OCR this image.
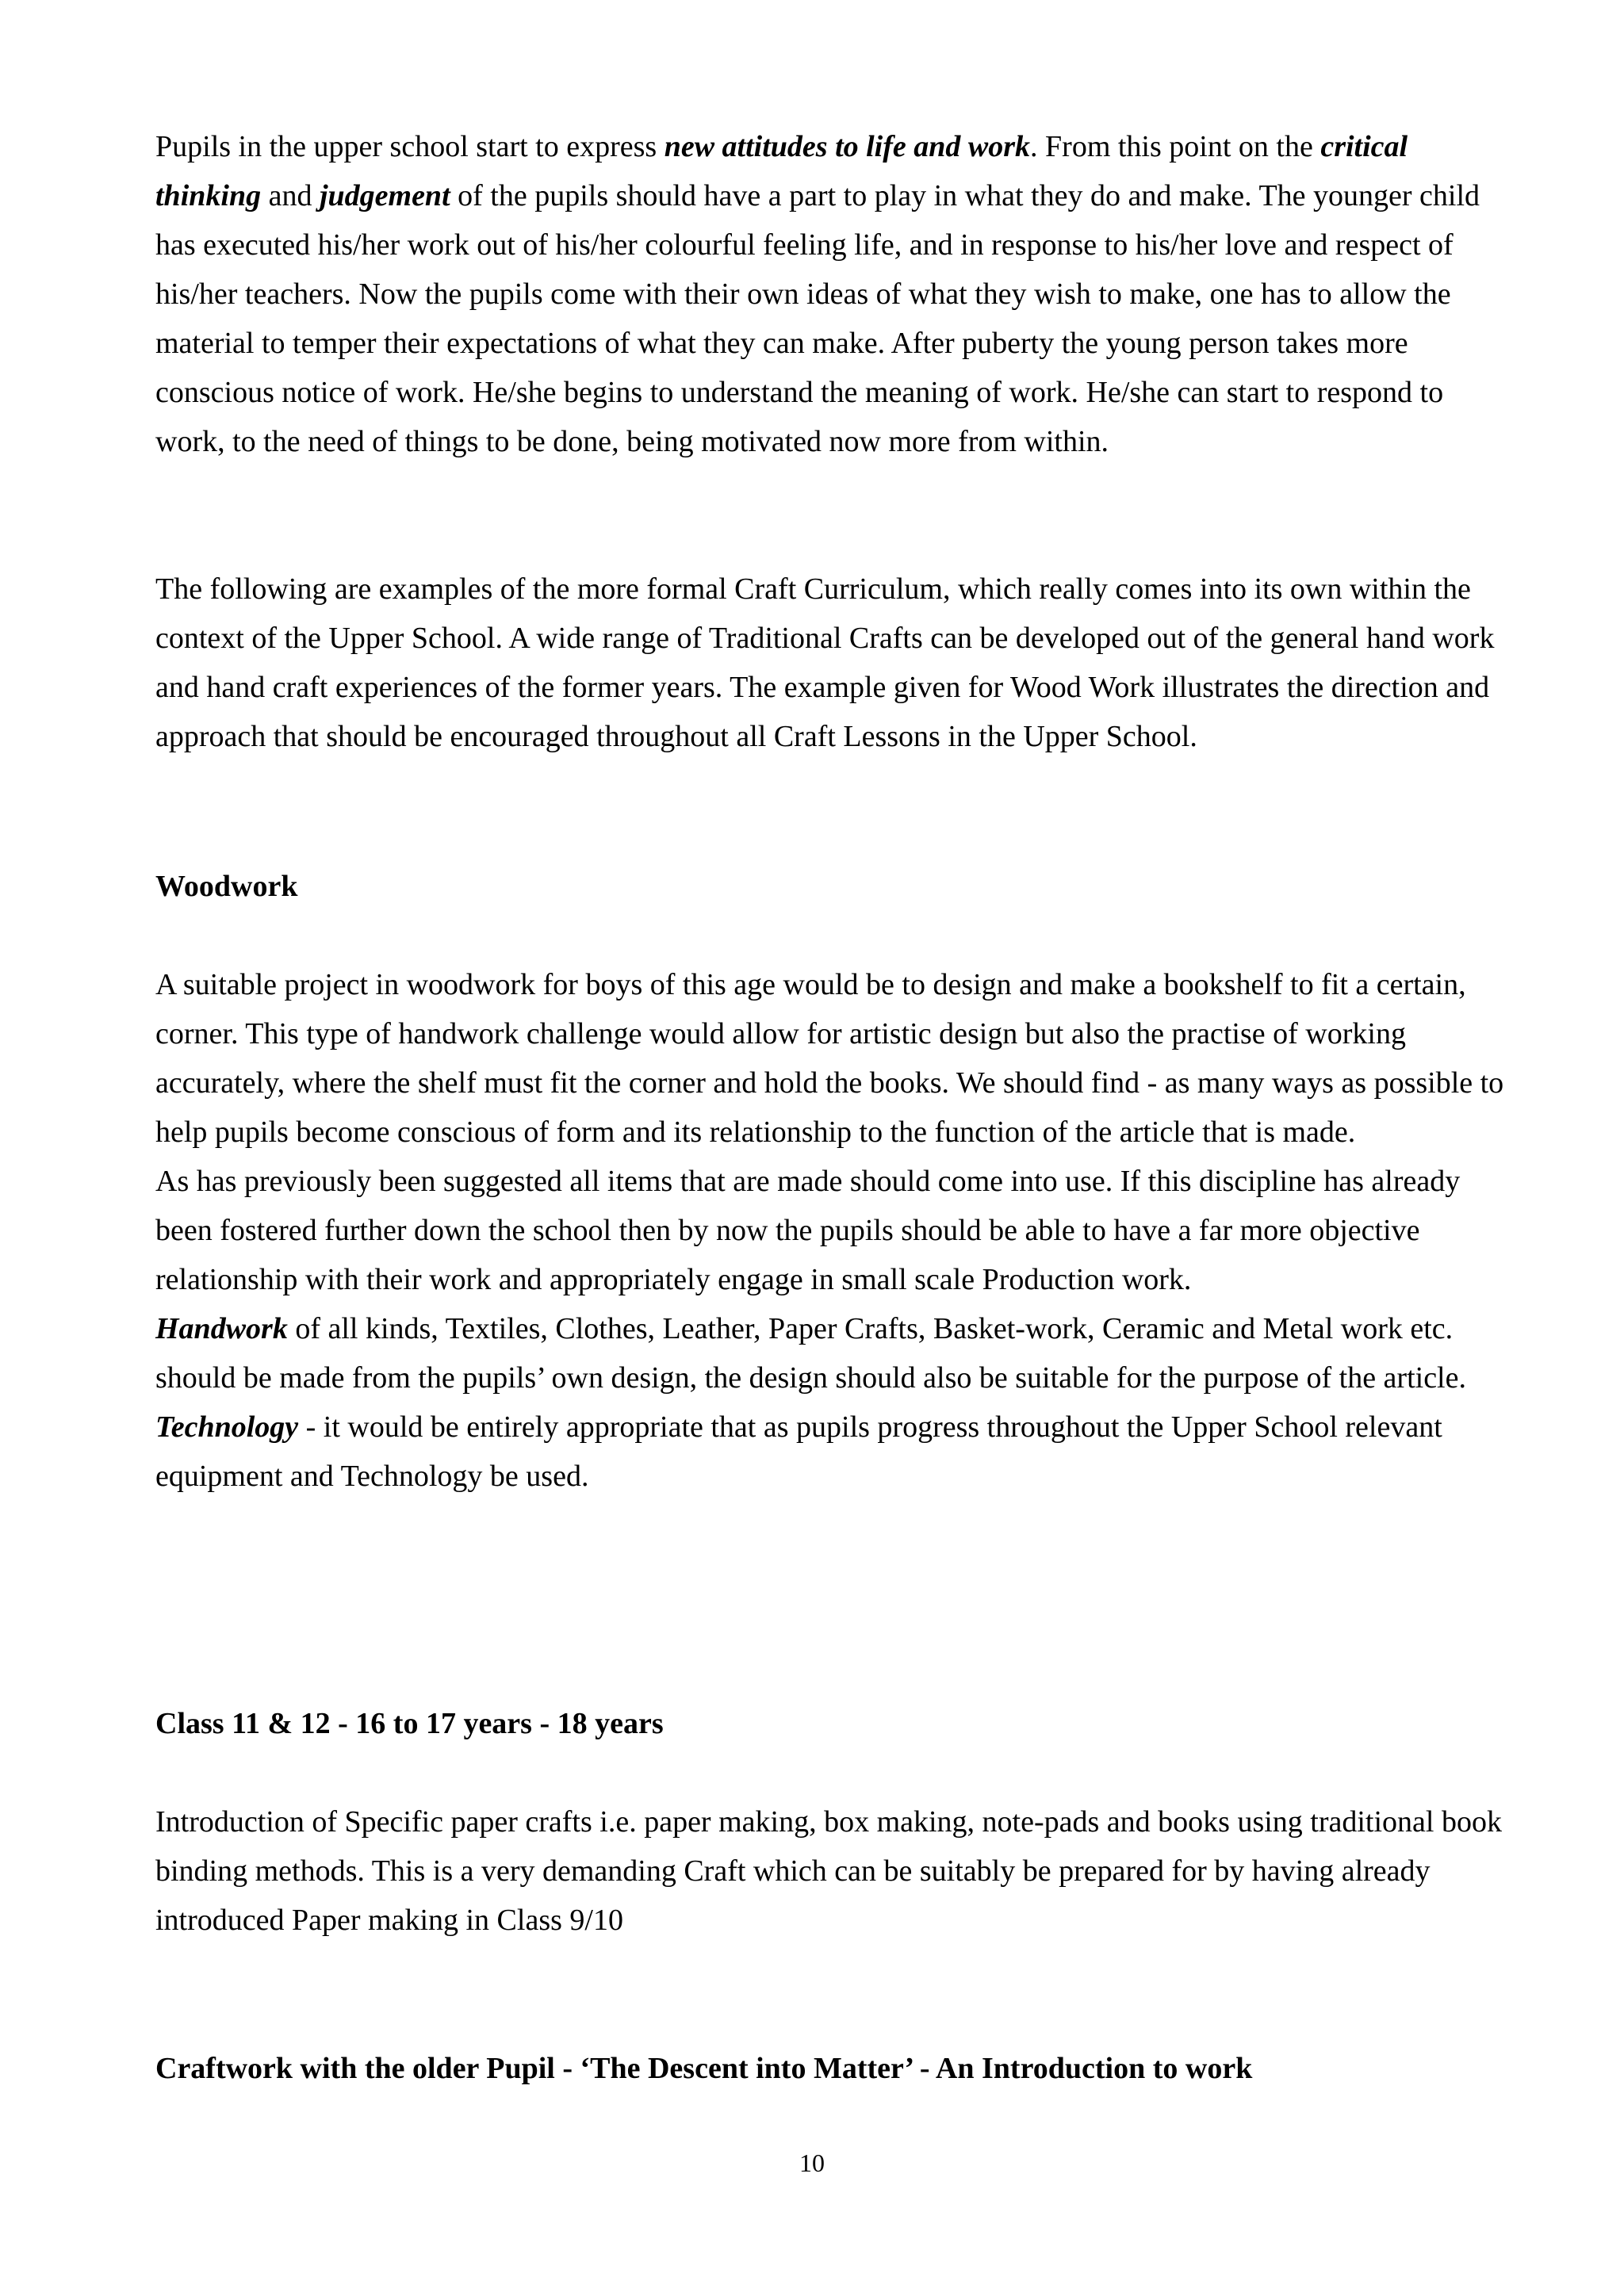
Pupils in the upper school start to express new attitudes to life and work. From this point on the critical thinking and judgement of the pupils should have a part to play in what they do and make. The younger child has executed his/her work out of his/her colourful feeling life, and in response to his/her love and respect of his/her teachers. Now the pupils come with their own ideas of what they wish to make, one has to allow the material to temper their expectations of what they can make. After puberty the young person takes more conscious notice of work. He/she begins to understand the meaning of work. He/she can start to respond to work, to the need of things to be done, being motivated now more from within.

The following are examples of the more formal Craft Curriculum, which really comes into its own within the context of the Upper School. A wide range of Traditional Crafts can be developed out of the general hand work and hand craft experiences of the former years. The example given for Wood Work illustrates the direction and approach that should be encouraged throughout all Craft Lessons in the Upper School.

Woodwork

A suitable project in woodwork for boys of this age would be to design and make a bookshelf to fit a certain, corner. This type of handwork challenge would allow for artistic design but also the practise of working accurately, where the shelf must fit the corner and hold the books. We should find - as many ways as possible to help pupils become conscious of form and its relationship to the function of the article that is made.

As has previously been suggested all items that are made should come into use. If this discipline has already been fostered further down the school then by now the pupils should be able to have a far more objective relationship with their work and appropriately engage in small scale Production work.

Handwork of all kinds, Textiles, Clothes, Leather, Paper Crafts, Basket-work, Ceramic and Metal work etc. should be made from the pupils’ own design, the design should also be suitable for the purpose of the article.

Technology - it would be entirely appropriate that as pupils progress throughout the Upper School relevant equipment and Technology be used.

Class 11 & 12 - 16 to 17 years - 18 years

Introduction of Specific paper crafts i.e. paper making, box making, note-pads and books using traditional book binding methods. This is a very demanding Craft which can be suitably be prepared for by having already introduced Paper making in Class 9/10

Craftwork with the older Pupil - ‘The Descent into Matter’ - An Introduction to work

10
